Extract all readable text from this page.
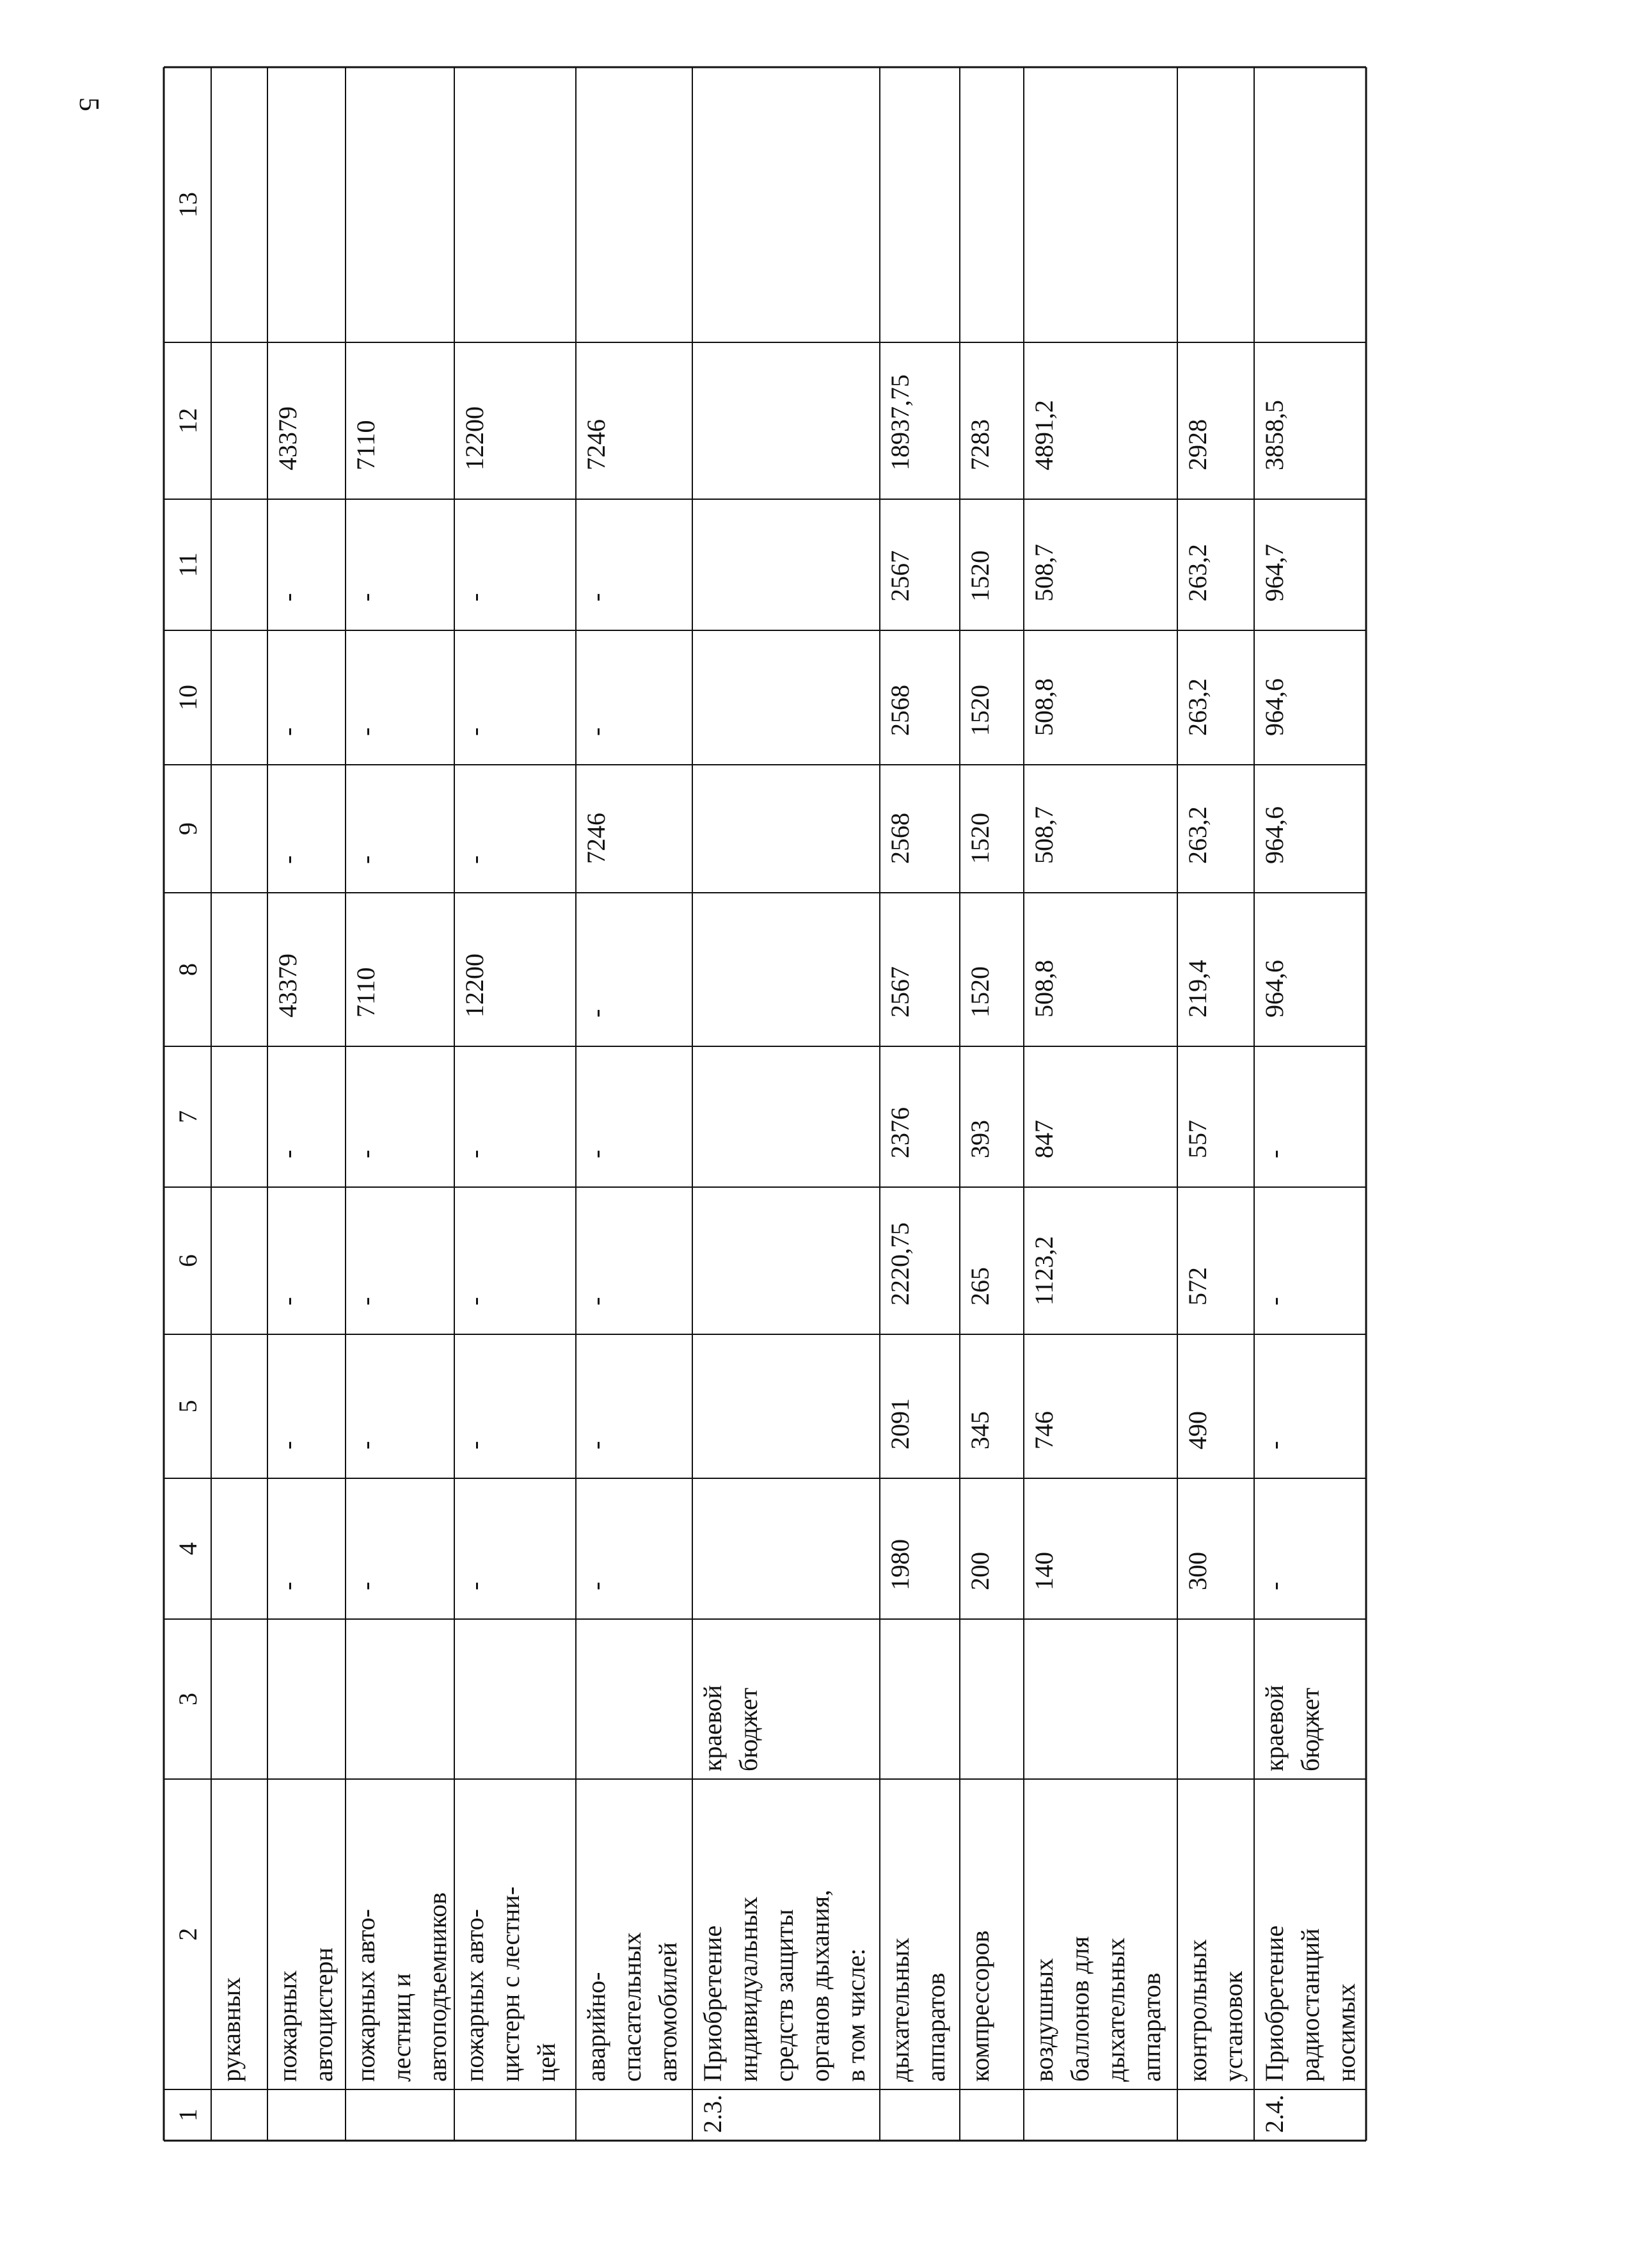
5
1
2
3
4
5
6
7
8
9
10
11
12
13
рукавных пожарных автоцистерн
-
-
-
-
43379
-
-
-
43379
пожарных авто- лестниц и автоподъемников
-
-
-
-
7110
-
-
-
7110
пожарных авто- цистерн с лестни- цей
-
-
-
-
12200
-
-
-
12200
аварийно- спасательных автомобилей
-
-
-
-
-
7246
-
-
7246
2.3.
Приобретение индивидуальных средств защиты органов дыхания, в том числе:
краевой бюджет
дыхательных аппаратов
1980
2091
2220,75
2376
2567
2568
2568
2567
18937,75
компрессоров
200
345
265
393
1520
1520
1520
1520
7283
воздушных баллонов для дыхательных аппаратов
140
746
1123,2
847
508,8
508,7
508,8
508,7
4891,2
контрольных установок
300
490
572
557
219,4
263,2
263,2
263,2
2928
2.4.
Приобретение радиостанций носимых
краевой бюджет
-
-
-
-
964,6
964,6
964,6
964,7
3858,5
